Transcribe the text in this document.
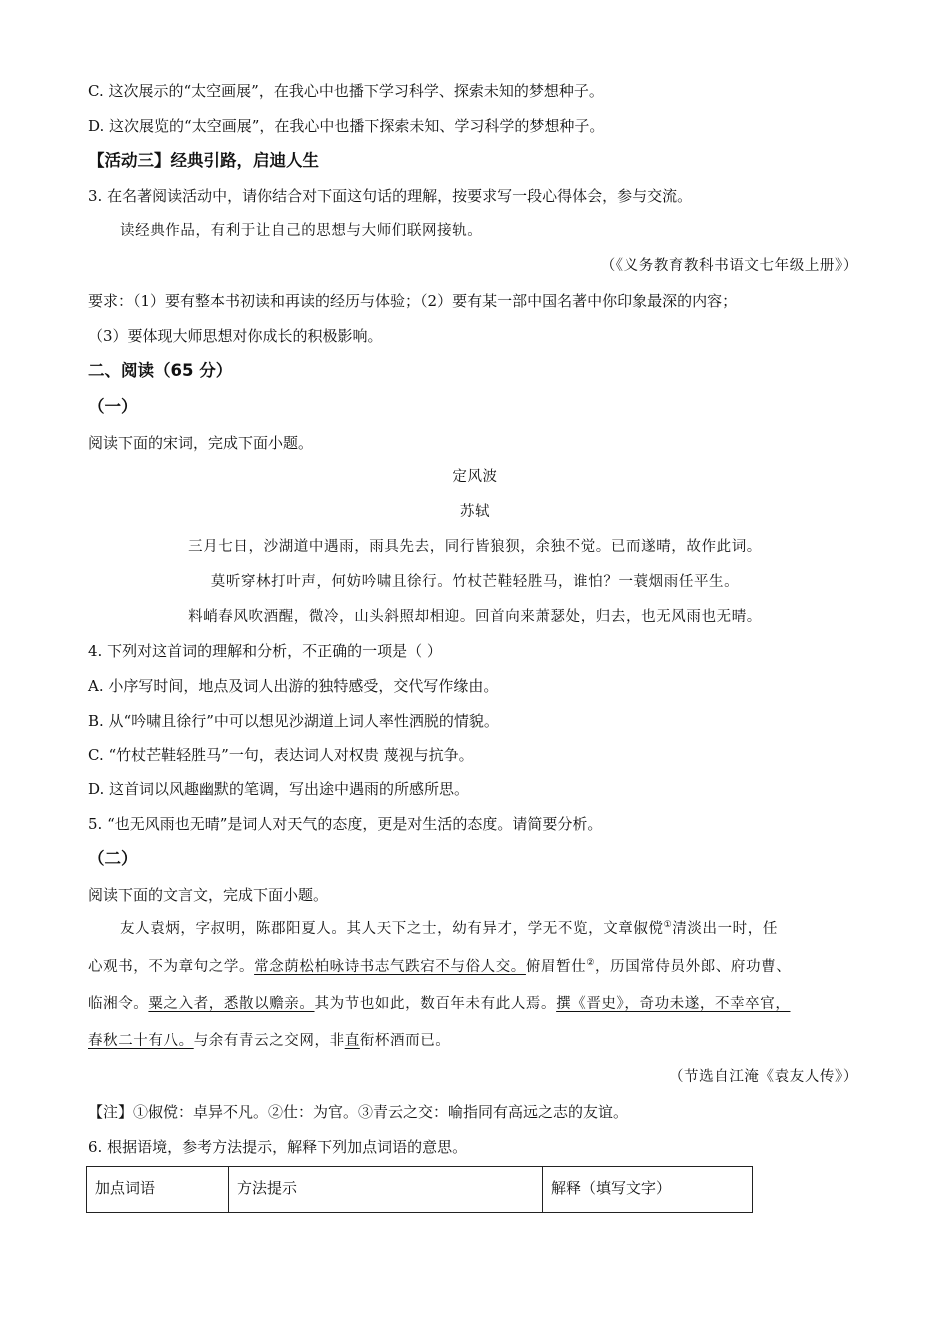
C. 这次展示的“太空画展”，在我心中也播下学习科学、探索未知的梦想种子。
D. 这次展览的“太空画展”，在我心中也播下探索未知、学习科学的梦想种子。
【活动三】经典引路，启迪人生
3. 在名著阅读活动中，请你结合对下面这句话的理解，按要求写一段心得体会，参与交流。
读经典作品，有利于让自己的思想与大师们联网接轨。
（《义务教育教科书语文七年级上册》）
要求：（1）要有整本书初读和再读的经历与体验；（2）要有某一部中国名著中你印象最深的内容；
（3）要体现大师思想对你成长的积极影响。
二、阅读（65 分）
（一）
阅读下面的宋词，完成下面小题。
定风波
苏轼
三月七日，沙湖道中遇雨，雨具先去，同行皆狼狈，余独不觉。已而遂晴，故作此词。
莫听穿林打叶声，何妨吟啸且徐行。竹杖芒鞋轻胜马，谁怕？一蓑烟雨任平生。
料峭春风吹酒醒，微冷，山头斜照却相迎。回首向来萧瑟处，归去，也无风雨也无晴。
4. 下列对这首词的理解和分析，不正确的一项是（ ）
A. 小序写时间，地点及词人出游的独特感受，交代写作缘由。
B. 从“吟啸且徐行”中可以想见沙湖道上词人率性洒脱的情貌。
C. “竹杖芒鞋轻胜马”一句，表达词人对权贵 蔑视与抗争。
D. 这首词以风趣幽默的笔调，写出途中遇雨的所感所思。
5. “也无风雨也无晴”是词人对天气的态度，更是对生活的态度。请简要分析。
（二）
阅读下面的文言文，完成下面小题。
友人袁炳，字叔明，陈郡阳夏人。其人天下之士，幼有异才，学无不览，文章俶傥①清淡出一时，任
心观书，不为章句之学。常念荫松柏咏诗书志气跌宕不与俗人交。俯眉暂仕②，历国常侍员外郎、府功曹、
临湘令。粟之入者，悉散以赡亲。其为节也如此，数百年未有此人焉。撰《晋史》，奇功未遂，不幸卒官，
春秋二十有八。与余有青云之交网，非直衔杯酒而已。
（节选自江淹《袁友人传》）
【注】①俶傥：卓异不凡。②仕：为官。③青云之交：喻指同有高远之志的友谊。
6. 根据语境，参考方法提示，解释下列加点词语的意思。
加点词语	方法提示	解释（填写文字）
